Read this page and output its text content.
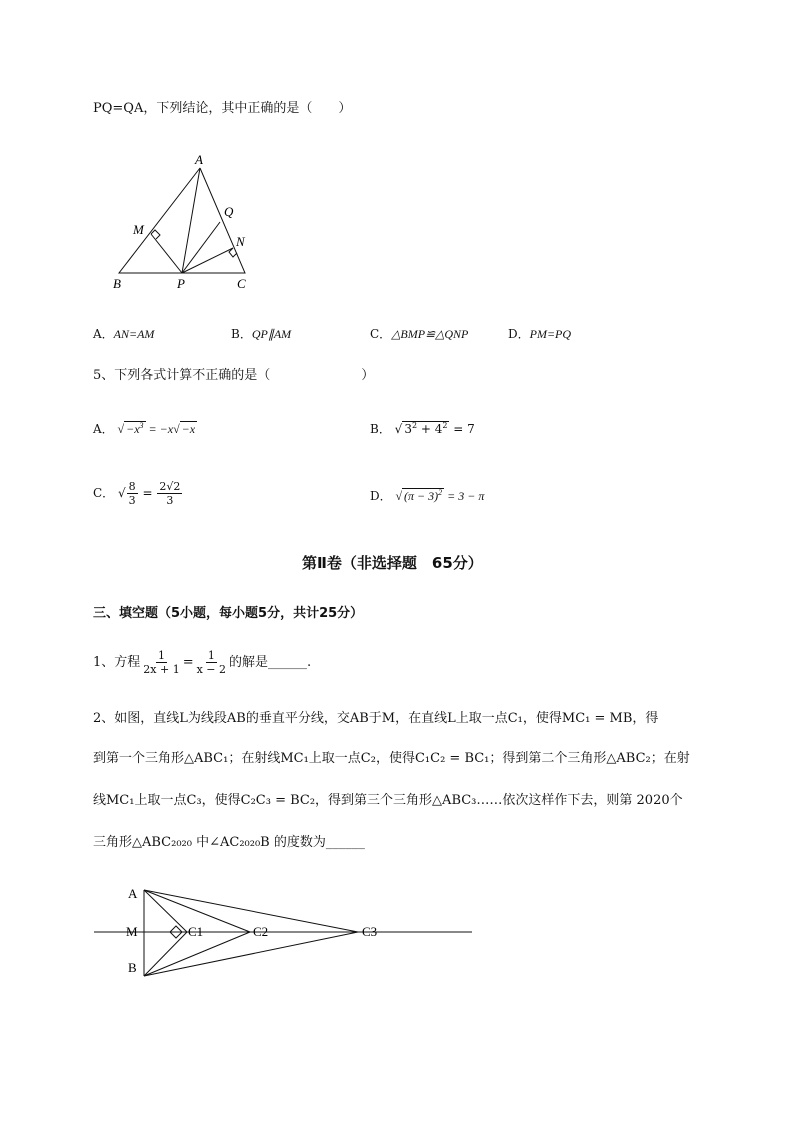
PQ=QA，下列结论，其中正确的是（　　）
A
M
Q
N
B	P	C
A．AN=AM	B．QP∥AM	C．△BMP≌△QNP	D．PM=PQ
5、下列各式计算不正确的是（　　　　　　　）
A． √ $-x^3 = -x√ -x$	B． √ $3^2 + 4^2 = 7$
C． √ $\frac{8}{3} = \frac{2√2}{3}$	D． √ $(\pi - 3)^2 = 3 - \pi$
第Ⅱ卷（非选择题　65分）
三、填空题（5小题，每小题5分，共计25分）
1、方程 $\frac{1}{2x + 1} = \frac{1}{x - 2}$ 的解是______.
2、如图，直线L为线段AB的垂直平分线，交AB于M，在直线L上取一点C₁，使得MC₁ = MB，得
到第一个三角形△ABC₁；在射线MC₁上取一点C₂，使得C₁C₂ = BC₁；得到第二个三角形△ABC₂；在射
线MC₁上取一点C₃，使得C₂C₃ = BC₂，得到第三个三角形△ABC₃……依次这样作下去，则第 2020个
三角形△ABC₂₀₂₀ 中∠AC₂₀₂₀B 的度数为______
A
M
B
C1	C2	C3
